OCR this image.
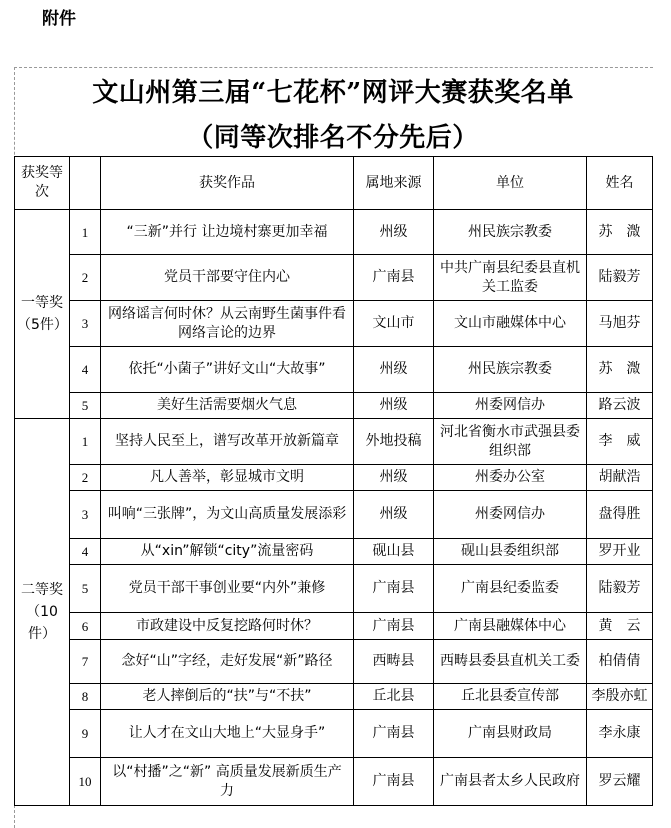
附件
文山州第三届“七花杯”网评大赛获奖名单
（同等次排名不分先后）
获奖等次		获奖作品	属地来源	单位	姓名
一等奖（5件）	1	“三新”并行 让边境村寨更加幸福	州级	州民族宗教委	苏　溦
	2	党员干部要守住内心	广南县	中共广南县纪委县直机关工监委	陆毅芳
	3	网络谣言何时休？从云南野生菌事件看网络言论的边界	文山市	文山市融媒体中心	马旭芬
	4	依托“小菌子”讲好文山“大故事”	州级	州民族宗教委	苏　溦
	5	美好生活需要烟火气息	州级	州委网信办	路云波
二等奖（10件）	1	坚持人民至上，谱写改革开放新篇章	外地投稿	河北省衡水市武强县委组织部	李　威
	2	凡人善举，彰显城市文明	州级	州委办公室	胡献浩
	3	叫响“三张牌”，为文山高质量发展添彩	州级	州委网信办	盘得胜
	4	从“xin”解锁“city”流量密码	砚山县	砚山县委组织部	罗开业
	5	党员干部干事创业要“内外”兼修	广南县	广南县纪委监委	陆毅芳
	6	市政建设中反复挖路何时休？	广南县	广南县融媒体中心	黄　云
	7	念好“山”字经，走好发展“新”路径	西畴县	西畴县委县直机关工委	柏倩倩
	8	老人摔倒后的“扶”与“不扶”	丘北县	丘北县委宣传部	李殷亦虹
	9	让人才在文山大地上“大显身手”	广南县	广南县财政局	李永康
	10	以“村播”之“新” 高质量发展新质生产力	广南县	广南县者太乡人民政府	罗云耀
